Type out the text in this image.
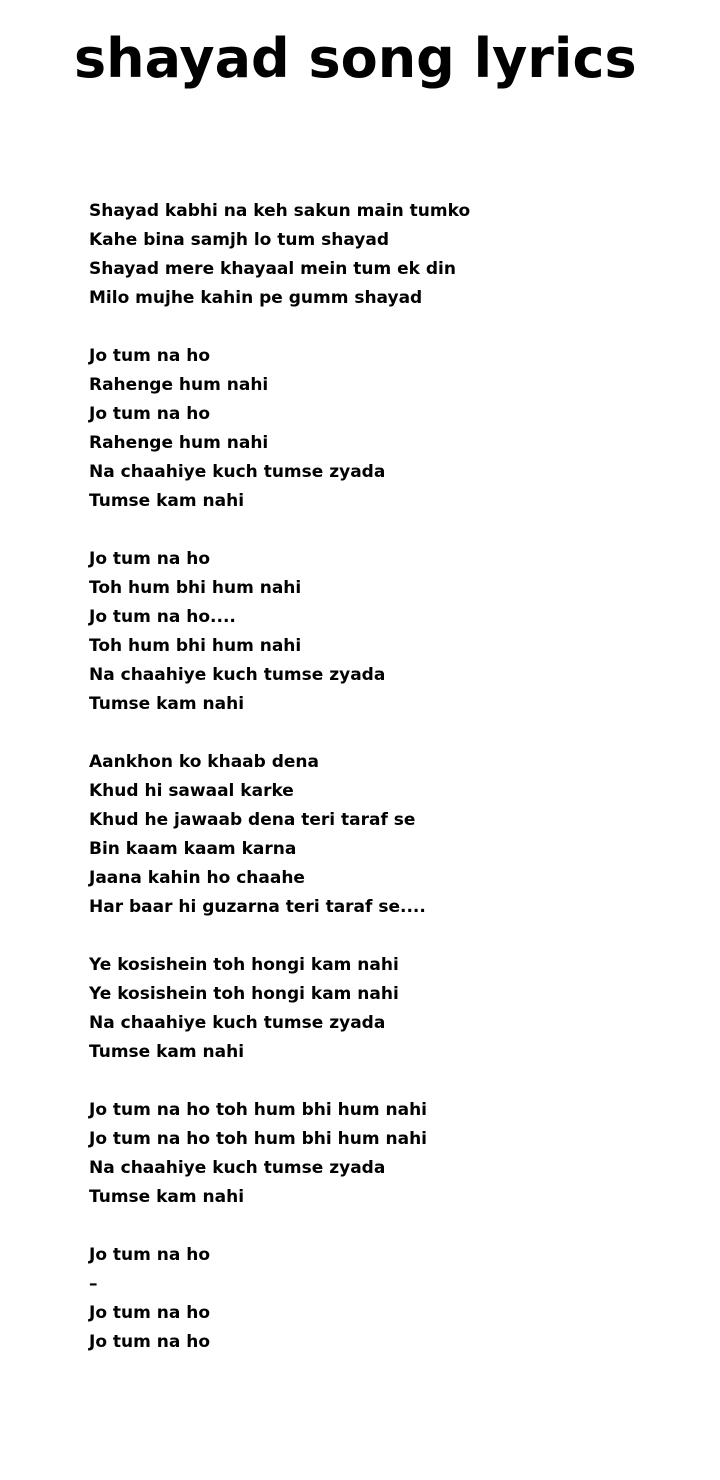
shayad song lyrics
Shayad kabhi na keh sakun main tumko
Kahe bina samjh lo tum shayad
Shayad mere khayaal mein tum ek din
Milo mujhe kahin pe gumm shayad
Jo tum na ho
Rahenge hum nahi
Jo tum na ho
Rahenge hum nahi
Na chaahiye kuch tumse zyada
Tumse kam nahi
Jo tum na ho
Toh hum bhi hum nahi
Jo tum na ho....
Toh hum bhi hum nahi
Na chaahiye kuch tumse zyada
Tumse kam nahi
Aankhon ko khaab dena
Khud hi sawaal karke
Khud he jawaab dena teri taraf se
Bin kaam kaam karna
Jaana kahin ho chaahe
Har baar hi guzarna teri taraf se....
Ye kosishein toh hongi kam nahi
Ye kosishein toh hongi kam nahi
Na chaahiye kuch tumse zyada
Tumse kam nahi
Jo tum na ho toh hum bhi hum nahi
Jo tum na ho toh hum bhi hum nahi
Na chaahiye kuch tumse zyada
Tumse kam nahi
Jo tum na ho
–
Jo tum na ho
Jo tum na ho
